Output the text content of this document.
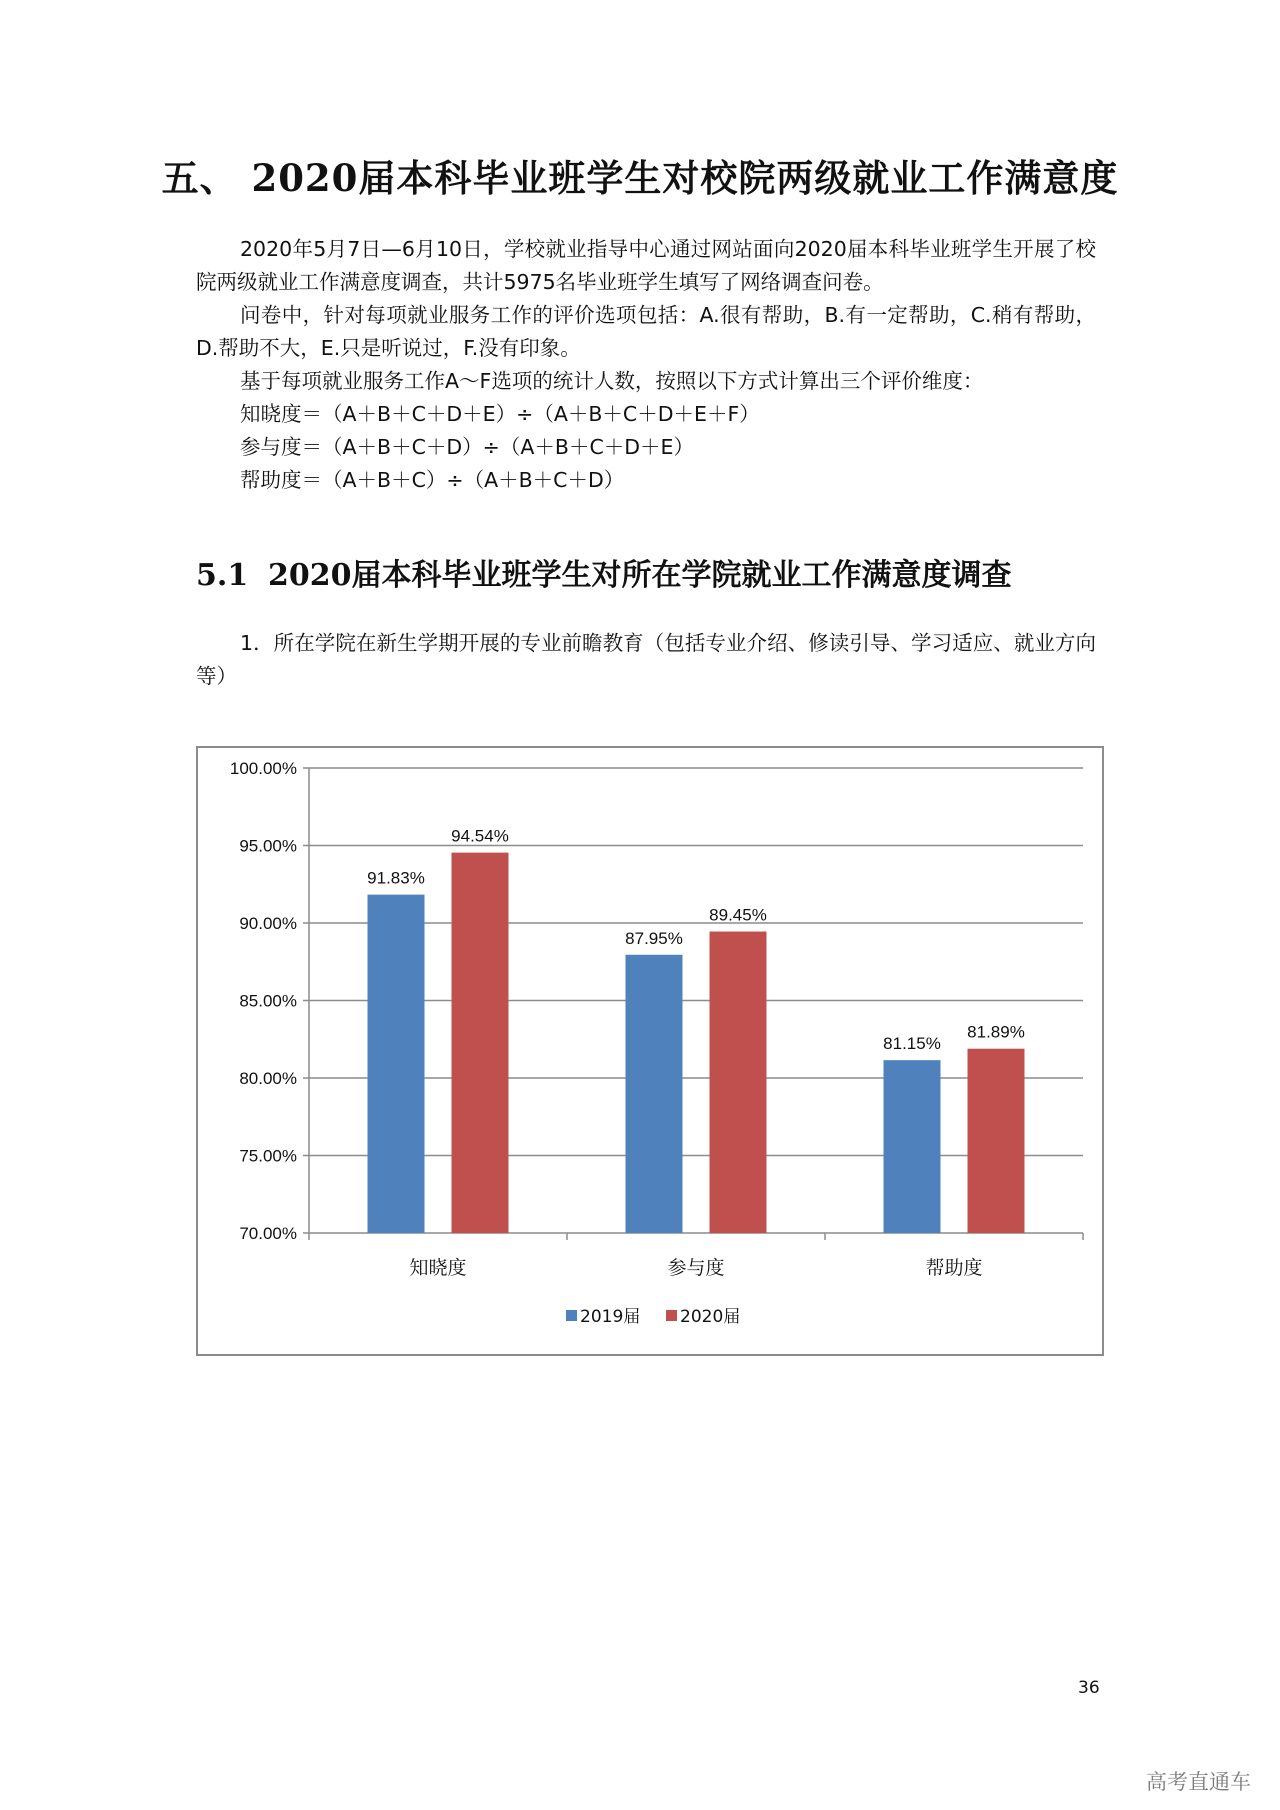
五、 2020届本科毕业班学生对校院两级就业工作满意度
2020年5月7日—6月10日，学校就业指导中心通过网站面向2020届本科毕业班学生开展了校院两级就业工作满意度调查，共计5975名毕业班学生填写了网络调查问卷。
问卷中，针对每项就业服务工作的评价选项包括：A.很有帮助，B.有一定帮助，C.稍有帮助，D.帮助不大，E.只是听说过，F.没有印象。
基于每项就业服务工作A～F选项的统计人数，按照以下方式计算出三个评价维度：
知晓度＝（A＋B＋C＋D＋E）÷（A＋B＋C＋D＋E＋F）
参与度＝（A＋B＋C＋D）÷（A＋B＋C＋D＋E）
帮助度＝（A＋B＋C）÷（A＋B＋C＋D）
5.1 2020届本科毕业班学生对所在学院就业工作满意度调查
1．所在学院在新生学期开展的专业前瞻教育（包括专业介绍、修读引导、学习适应、就业方向等）
70.00%
75.00%
80.00%
85.00%
90.00%
95.00%
100.00%
91.83%
94.54%
知晓度
87.95%
89.45%
参与度
81.15%
81.89%
帮助度
2019届 2020届
36
高考直通车
